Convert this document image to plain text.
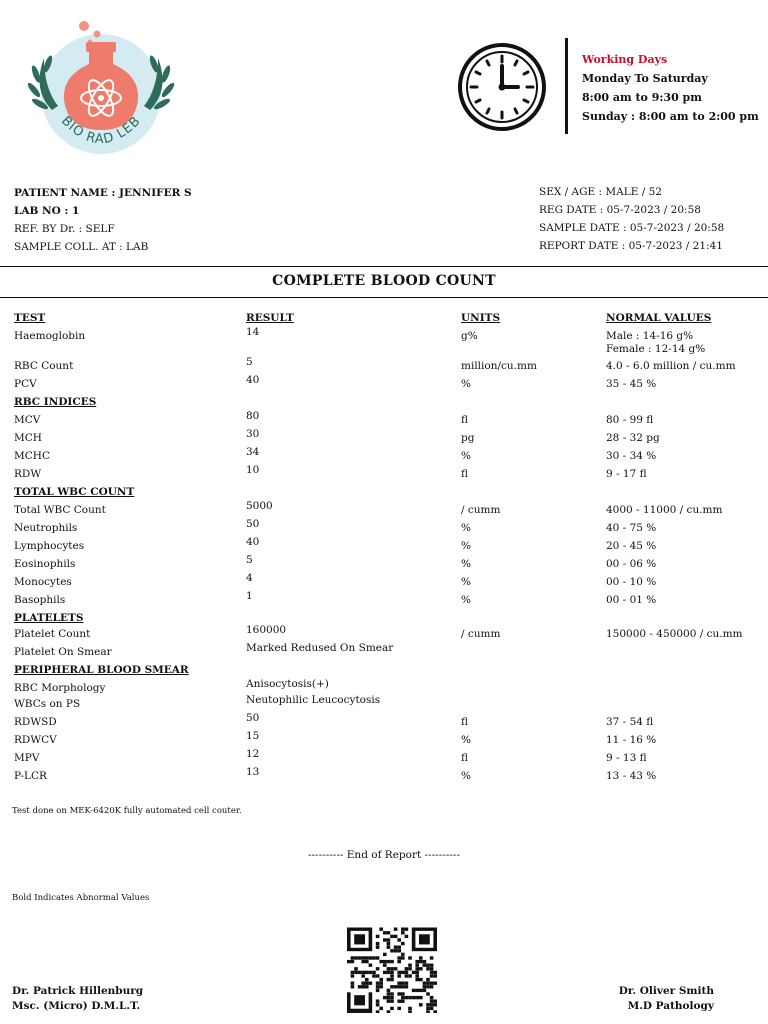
BIO RAD LEB
Working Days
Monday To Saturday
8:00 am to 9:30 pm
Sunday : 8:00 am to 2:00 pm
PATIENT NAME : JENNIFER S
LAB NO : 1
REF. BY Dr. : SELF
SAMPLE COLL. AT : LAB
SEX / AGE : MALE / 52
REG DATE : 05-7-2023 / 20:58
SAMPLE DATE : 05-7-2023 / 20:58
REPORT DATE : 05-7-2023 / 21:41
COMPLETE BLOOD COUNT
TEST	RESULT	UNITS	NORMAL VALUES
Haemoglobin	14	g%	Male : 14-16 g%
Female : 12-14 g%
RBC Count	5	million/cu.mm	4.0 - 6.0 million / cu.mm
PCV	40	%	35 - 45 %
RBC INDICES
MCV	80	fl	80 - 99 fl
MCH	30	pg	28 - 32 pg
MCHC	34	%	30 - 34 %
RDW	10	fl	9 - 17 fl
TOTAL WBC COUNT
Total WBC Count	5000	/ cumm	4000 - 11000 / cu.mm
Neutrophils	50	%	40 - 75 %
Lymphocytes	40	%	20 - 45 %
Eosinophils	5	%	00 - 06 %
Monocytes	4	%	00 - 10 %
Basophils	1	%	00 - 01 %
PLATELETS
Platelet Count	160000	/ cumm	150000 - 450000 / cu.mm
Platelet On Smear	Marked Redused On Smear
PERIPHERAL BLOOD SMEAR
RBC Morphology	Anisocytosis(+)
WBCs on PS	Neutophilic Leucocytosis
RDWSD	50	fl	37 - 54 fl
RDWCV	15	%	11 - 16 %
MPV	12	fl	9 - 13 fl
P-LCR	13	%	13 - 43 %
Test done on MEK-6420K fully automated cell couter.
---------- End of Report ----------
Bold Indicates Abnormal Values
Dr. Patrick Hillenburg
Msc. (Micro) D.M.L.T.
Dr. Oliver Smith
M.D Pathology
